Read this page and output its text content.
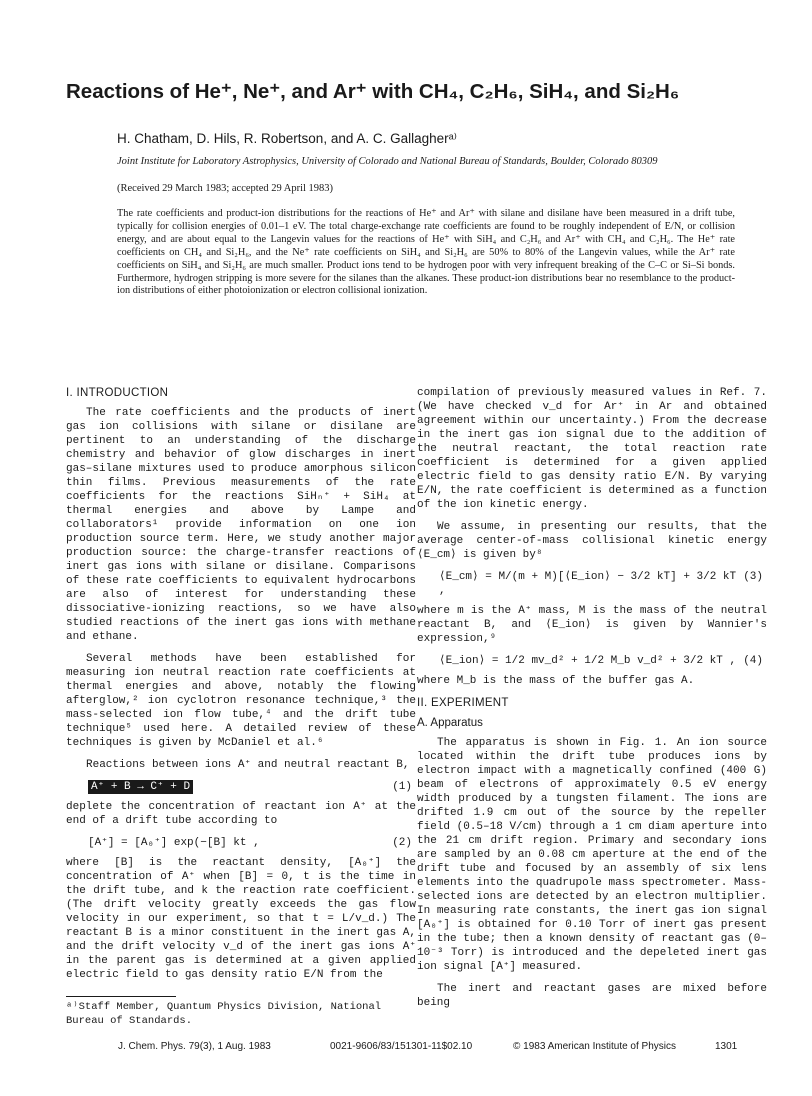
Reactions of He⁺, Ne⁺, and Ar⁺ with CH₄, C₂H₆, SiH₄, and Si₂H₆

H. Chatham, D. Hils, R. Robertson, and A. C. Gallagherᵃ⁾

Joint Institute for Laboratory Astrophysics, University of Colorado and National Bureau of Standards, Boulder, Colorado 80309

(Received 29 March 1983; accepted 29 April 1983)

The rate coefficients and product-ion distributions for the reactions of He⁺ and Ar⁺ with silane and disilane have been measured in a drift tube, typically for collision energies of 0.01–1 eV. The total charge-exchange rate coefficients are found to be roughly independent of E/N, or collision energy, and are about equal to the Langevin values for the reactions of He⁺ with SiH₄ and C₂H₆ and Ar⁺ with CH₄ and C₂H₆. The He⁺ rate coefficients on CH₄ and Si₂H₆, and the Ne⁺ rate coefficients on SiH₄ and Si₂H₆ are 50% to 80% of the Langevin values, while the Ar⁺ rate coefficients on SiH₄ and Si₂H₆ are much smaller. Product ions tend to be hydrogen poor with very infrequent breaking of the C–C or Si–Si bonds. Furthermore, hydrogen stripping is more severe for the silanes than the alkanes. These product-ion distributions bear no resemblance to the product-ion distributions of either photoionization or electron collisional ionization.

I. INTRODUCTION

The rate coefficients and the products of inert gas ion collisions with silane or disilane are pertinent to an understanding of the discharge chemistry and behavior of glow discharges in inert gas–silane mixtures used to produce amorphous silicon thin films. Previous measurements of the rate coefficients for the reactions SiHₙ⁺ + SiH₄ at thermal energies and above by Lampe and collaborators¹ provide information on one ion production source term. Here, we study another major production source: the charge-transfer reactions of inert gas ions with silane or disilane. Comparisons of these rate coefficients to equivalent hydrocarbons are also of interest for understanding these dissociative-ionizing reactions, so we have also studied reactions of the inert gas ions with methane and ethane.

Several methods have been established for measuring ion neutral reaction rate coefficients at thermal energies and above, notably the flowing afterglow,² ion cyclotron resonance technique,³ the mass-selected ion flow tube,⁴ and the drift tube technique⁵ used here. A detailed review of these techniques is given by McDaniel et al.⁶

Reactions between ions A⁺ and neutral reactant B,

A⁺ + B → C⁺ + D	(1)

deplete the concentration of reactant ion A⁺ at the end of a drift tube according to

[A⁺] = [A₀⁺] exp(−[B] kt ,	(2)

where [B] is the reactant density, [A₀⁺] the concentration of A⁺ when [B] = 0, t is the time in the drift tube, and k the reaction rate coefficient. (The drift velocity greatly exceeds the gas flow velocity in our experiment, so that t = L/v_d.) The reactant B is a minor constituent in the inert gas A, and the drift velocity v_d of the inert gas ions A⁺ in the parent gas is determined at a given applied electric field to gas density ratio E/N from the

compilation of previously measured values in Ref. 7. (We have checked v_d for Ar⁺ in Ar and obtained agreement within our uncertainty.) From the decrease in the inert gas ion signal due to the addition of the neutral reactant, the total reaction rate coefficient is determined for a given applied electric field to gas density ratio E/N. By varying E/N, the rate coefficient is determined as a function of the ion kinetic energy.

We assume, in presenting our results, that the average center-of-mass collisional kinetic energy ⟨E_cm⟩ is given by⁸

⟨E_cm⟩ = M/(m + M)[⟨E_ion⟩ − 3/2 kT] + 3/2 kT ,
(3)

where m is the A⁺ mass, M is the mass of the neutral reactant B, and ⟨E_ion⟩ is given by Wannier's expression,⁹

⟨E_ion⟩ = 1/2 mv_d² + 1/2 M_b v_d² + 3/2 kT , (4)

where M_b is the mass of the buffer gas A.

II. EXPERIMENT
A. Apparatus

The apparatus is shown in Fig. 1. An ion source located within the drift tube produces ions by electron impact with a magnetically confined (400 G) beam of electrons of approximately 0.5 eV energy width produced by a tungsten filament. The ions are drifted 1.9 cm out of the source by the repeller field (0.5–18 V/cm) through a 1 cm diam aperture into the 21 cm drift region. Primary and secondary ions are sampled by an 0.08 cm aperture at the end of the drift tube and focused by an assembly of six lens elements into the quadrupole mass spectrometer. Mass-selected ions are detected by an electron multiplier. In measuring rate constants, the inert gas ion signal [A₀⁺] is obtained for 0.10 Torr of inert gas present in the tube; then a known density of reactant gas (0–10⁻³ Torr) is introduced and the depeleted inert gas ion signal [A⁺] measured.

The inert and reactant gases are mixed before being

ᵃ⁾Staff Member, Quantum Physics Division, National Bureau of Standards.

J. Chem. Phys. 79(3), 1 Aug. 1983	0021-9606/83/151301-11$02.10	© 1983 American Institute of Physics	1301
